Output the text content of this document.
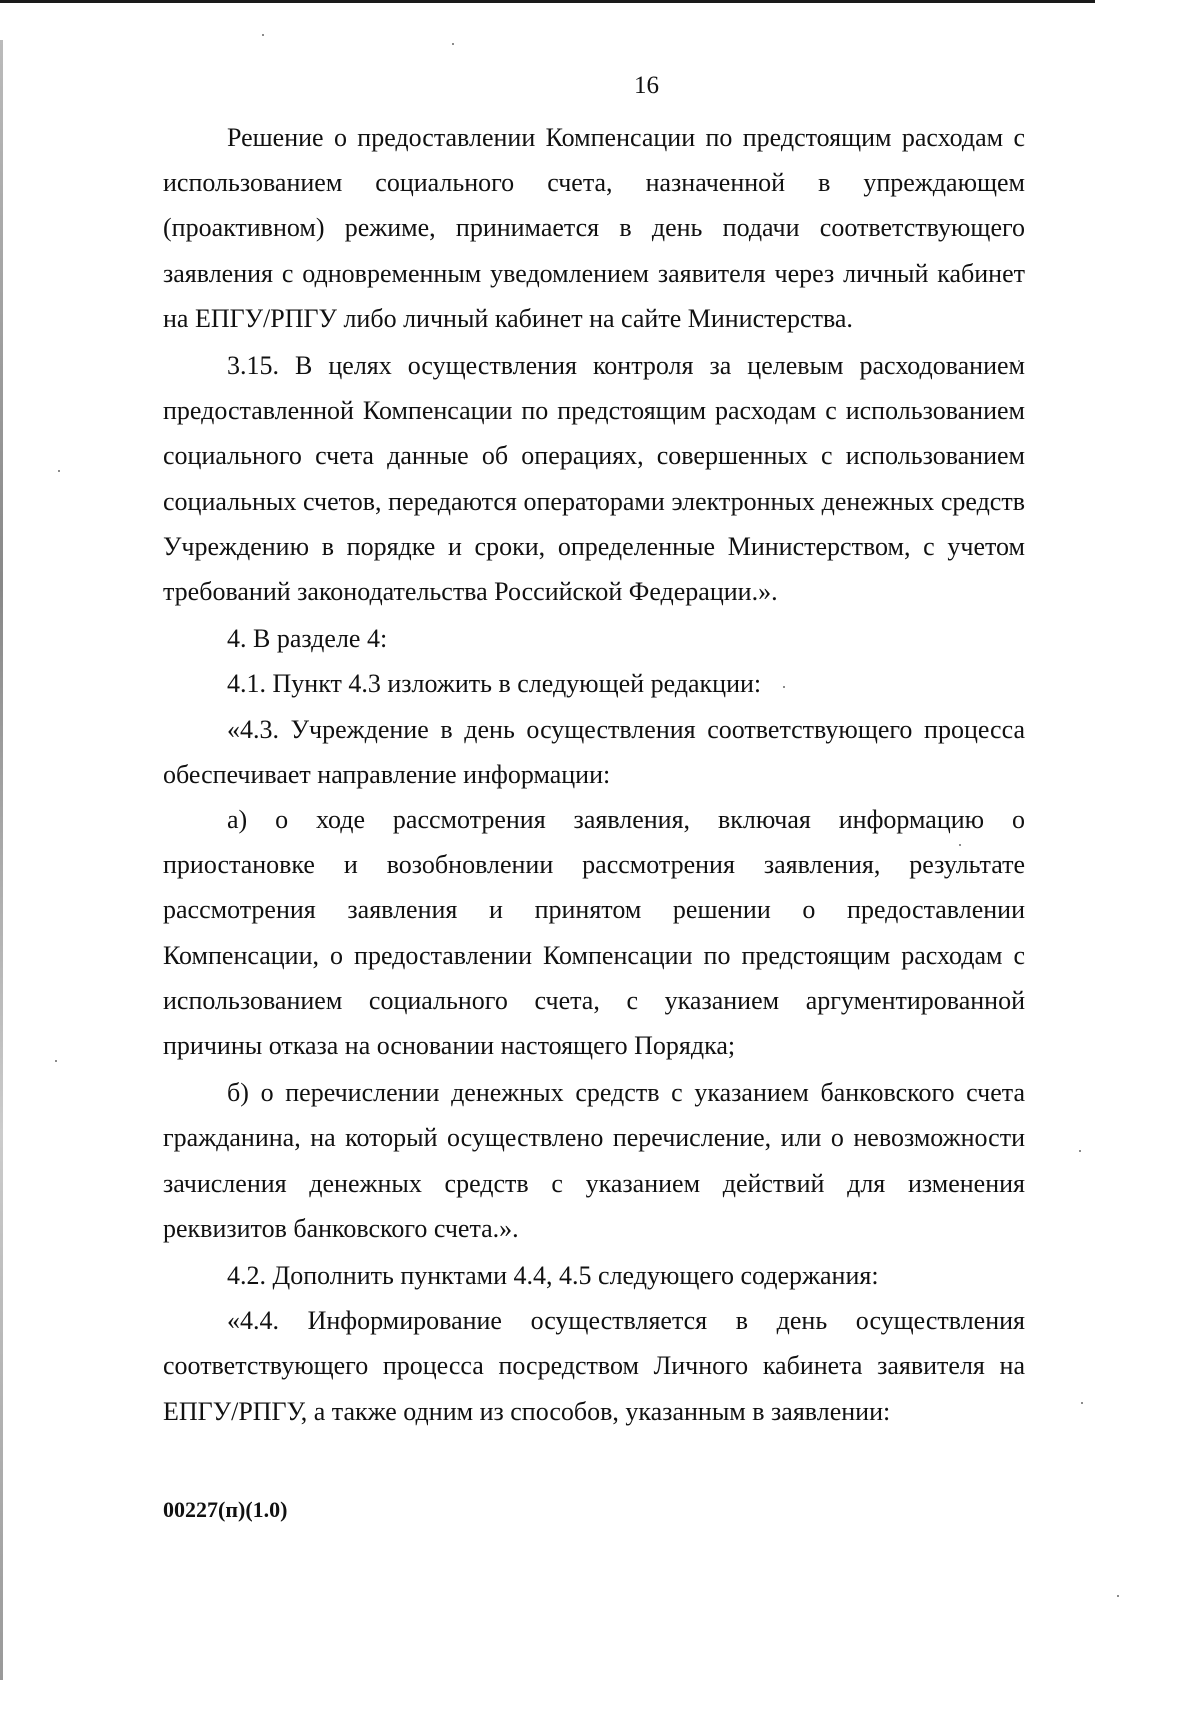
16

Решение о предоставлении Компенсации по предстоящим расходам с использованием социального счета, назначенной в упреждающем (проактивном) режиме, принимается в день подачи соответствующего заявления с одновременным уведомлением заявителя через личный кабинет на ЕПГУ/РПГУ либо личный кабинет на сайте Министерства.

3.15. В целях осуществления контроля за целевым расходованием предоставленной Компенсации по предстоящим расходам с использованием социального счета данные об операциях, совершенных с использованием социальных счетов, передаются операторами электронных денежных средств Учреждению в порядке и сроки, определенные Министерством, с учетом требований законодательства Российской Федерации.».

4. В разделе 4:

4.1. Пункт 4.3 изложить в следующей редакции:

«4.3. Учреждение в день осуществления соответствующего процесса обеспечивает направление информации:

а) о ходе рассмотрения заявления, включая информацию о приостановке и возобновлении рассмотрения заявления, результате рассмотрения заявления и принятом решении о предоставлении Компенсации, о предоставлении Компенсации по предстоящим расходам с использованием социального счета, с указанием аргументированной причины отказа на основании настоящего Порядка;

б) о перечислении денежных средств с указанием банковского счета гражданина, на который осуществлено перечисление, или о невозможности зачисления денежных средств с указанием действий для изменения реквизитов банковского счета.».

4.2. Дополнить пунктами 4.4, 4.5 следующего содержания:

«4.4. Информирование осуществляется в день осуществления соответствующего процесса посредством Личного кабинета заявителя на ЕПГУ/РПГУ, а также одним из способов, указанным в заявлении:

00227(п)(1.0)
